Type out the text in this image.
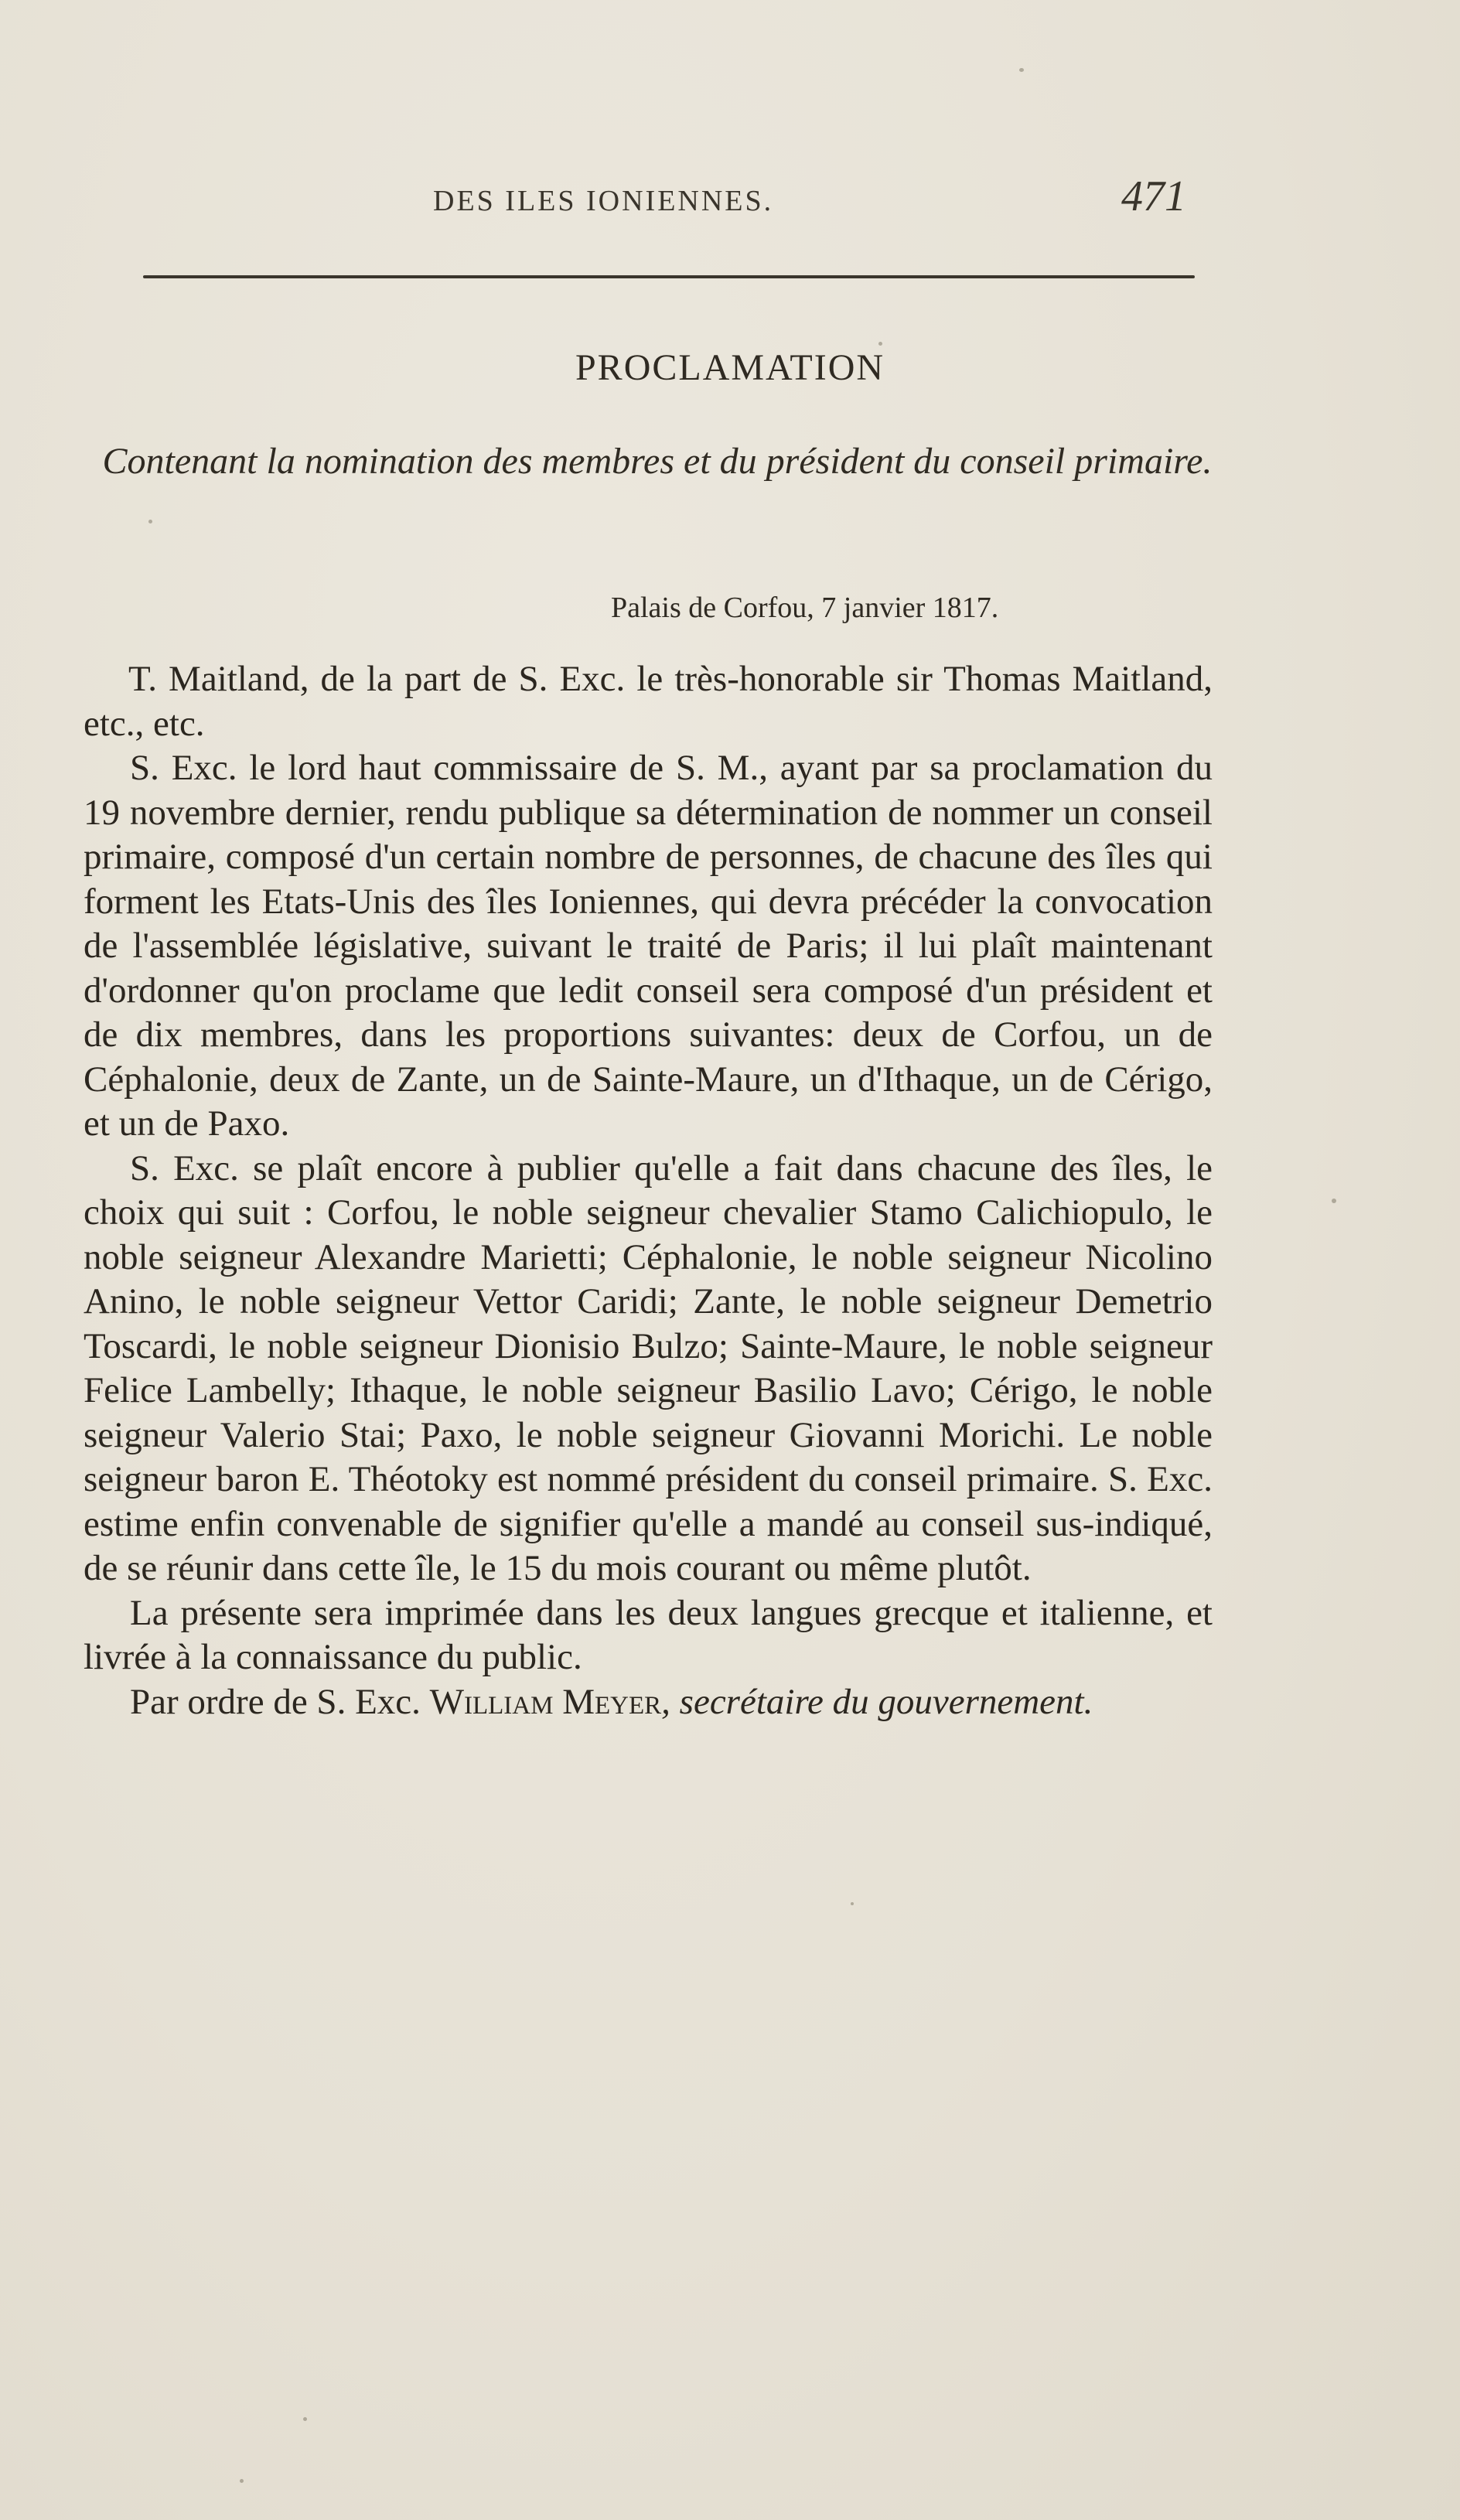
DES ILES IONIENNES.	471
PROCLAMATION
Contenant la nomination des membres et du président du conseil primaire.
Palais de Corfou, 7 janvier 1817.

T. Maitland, de la part de S. Exc. le très-honorable sir Thomas Maitland, etc., etc.

S. Exc. le lord haut commissaire de S. M., ayant par sa proclamation du 19 novembre dernier, rendu publique sa détermination de nommer un conseil primaire, composé d'un certain nombre de personnes, de chacune des îles qui forment les Etats-Unis des îles Ioniennes, qui devra précéder la convocation de l'assemblée législative, suivant le traité de Paris; il lui plaît maintenant d'ordonner qu'on proclame que ledit conseil sera composé d'un président et de dix membres, dans les proportions suivantes: deux de Corfou, un de Céphalonie, deux de Zante, un de Sainte-Maure, un d'Ithaque, un de Cérigo, et un de Paxo.

S. Exc. se plaît encore à publier qu'elle a fait dans chacune des îles, le choix qui suit : Corfou, le noble seigneur chevalier Stamo Calichiopulo, le noble seigneur Alexandre Marietti; Céphalonie, le noble seigneur Nicolino Anino, le noble seigneur Vettor Caridi; Zante, le noble seigneur Demetrio Toscardi, le noble seigneur Dionisio Bulzo; Sainte-Maure, le noble seigneur Felice Lambelly; Ithaque, le noble seigneur Basilio Lavo; Cérigo, le noble seigneur Valerio Stai; Paxo, le noble seigneur Giovanni Morichi. Le noble seigneur baron E. Théotoky est nommé président du conseil primaire. S. Exc. estime enfin convenable de signifier qu'elle a mandé au conseil sus-indiqué, de se réunir dans cette île, le 15 du mois courant ou même plutôt.

La présente sera imprimée dans les deux langues grecque et italienne, et livrée à la connaissance du public.

Par ordre de S. Exc. William Meyer, secrétaire du gouvernement.
